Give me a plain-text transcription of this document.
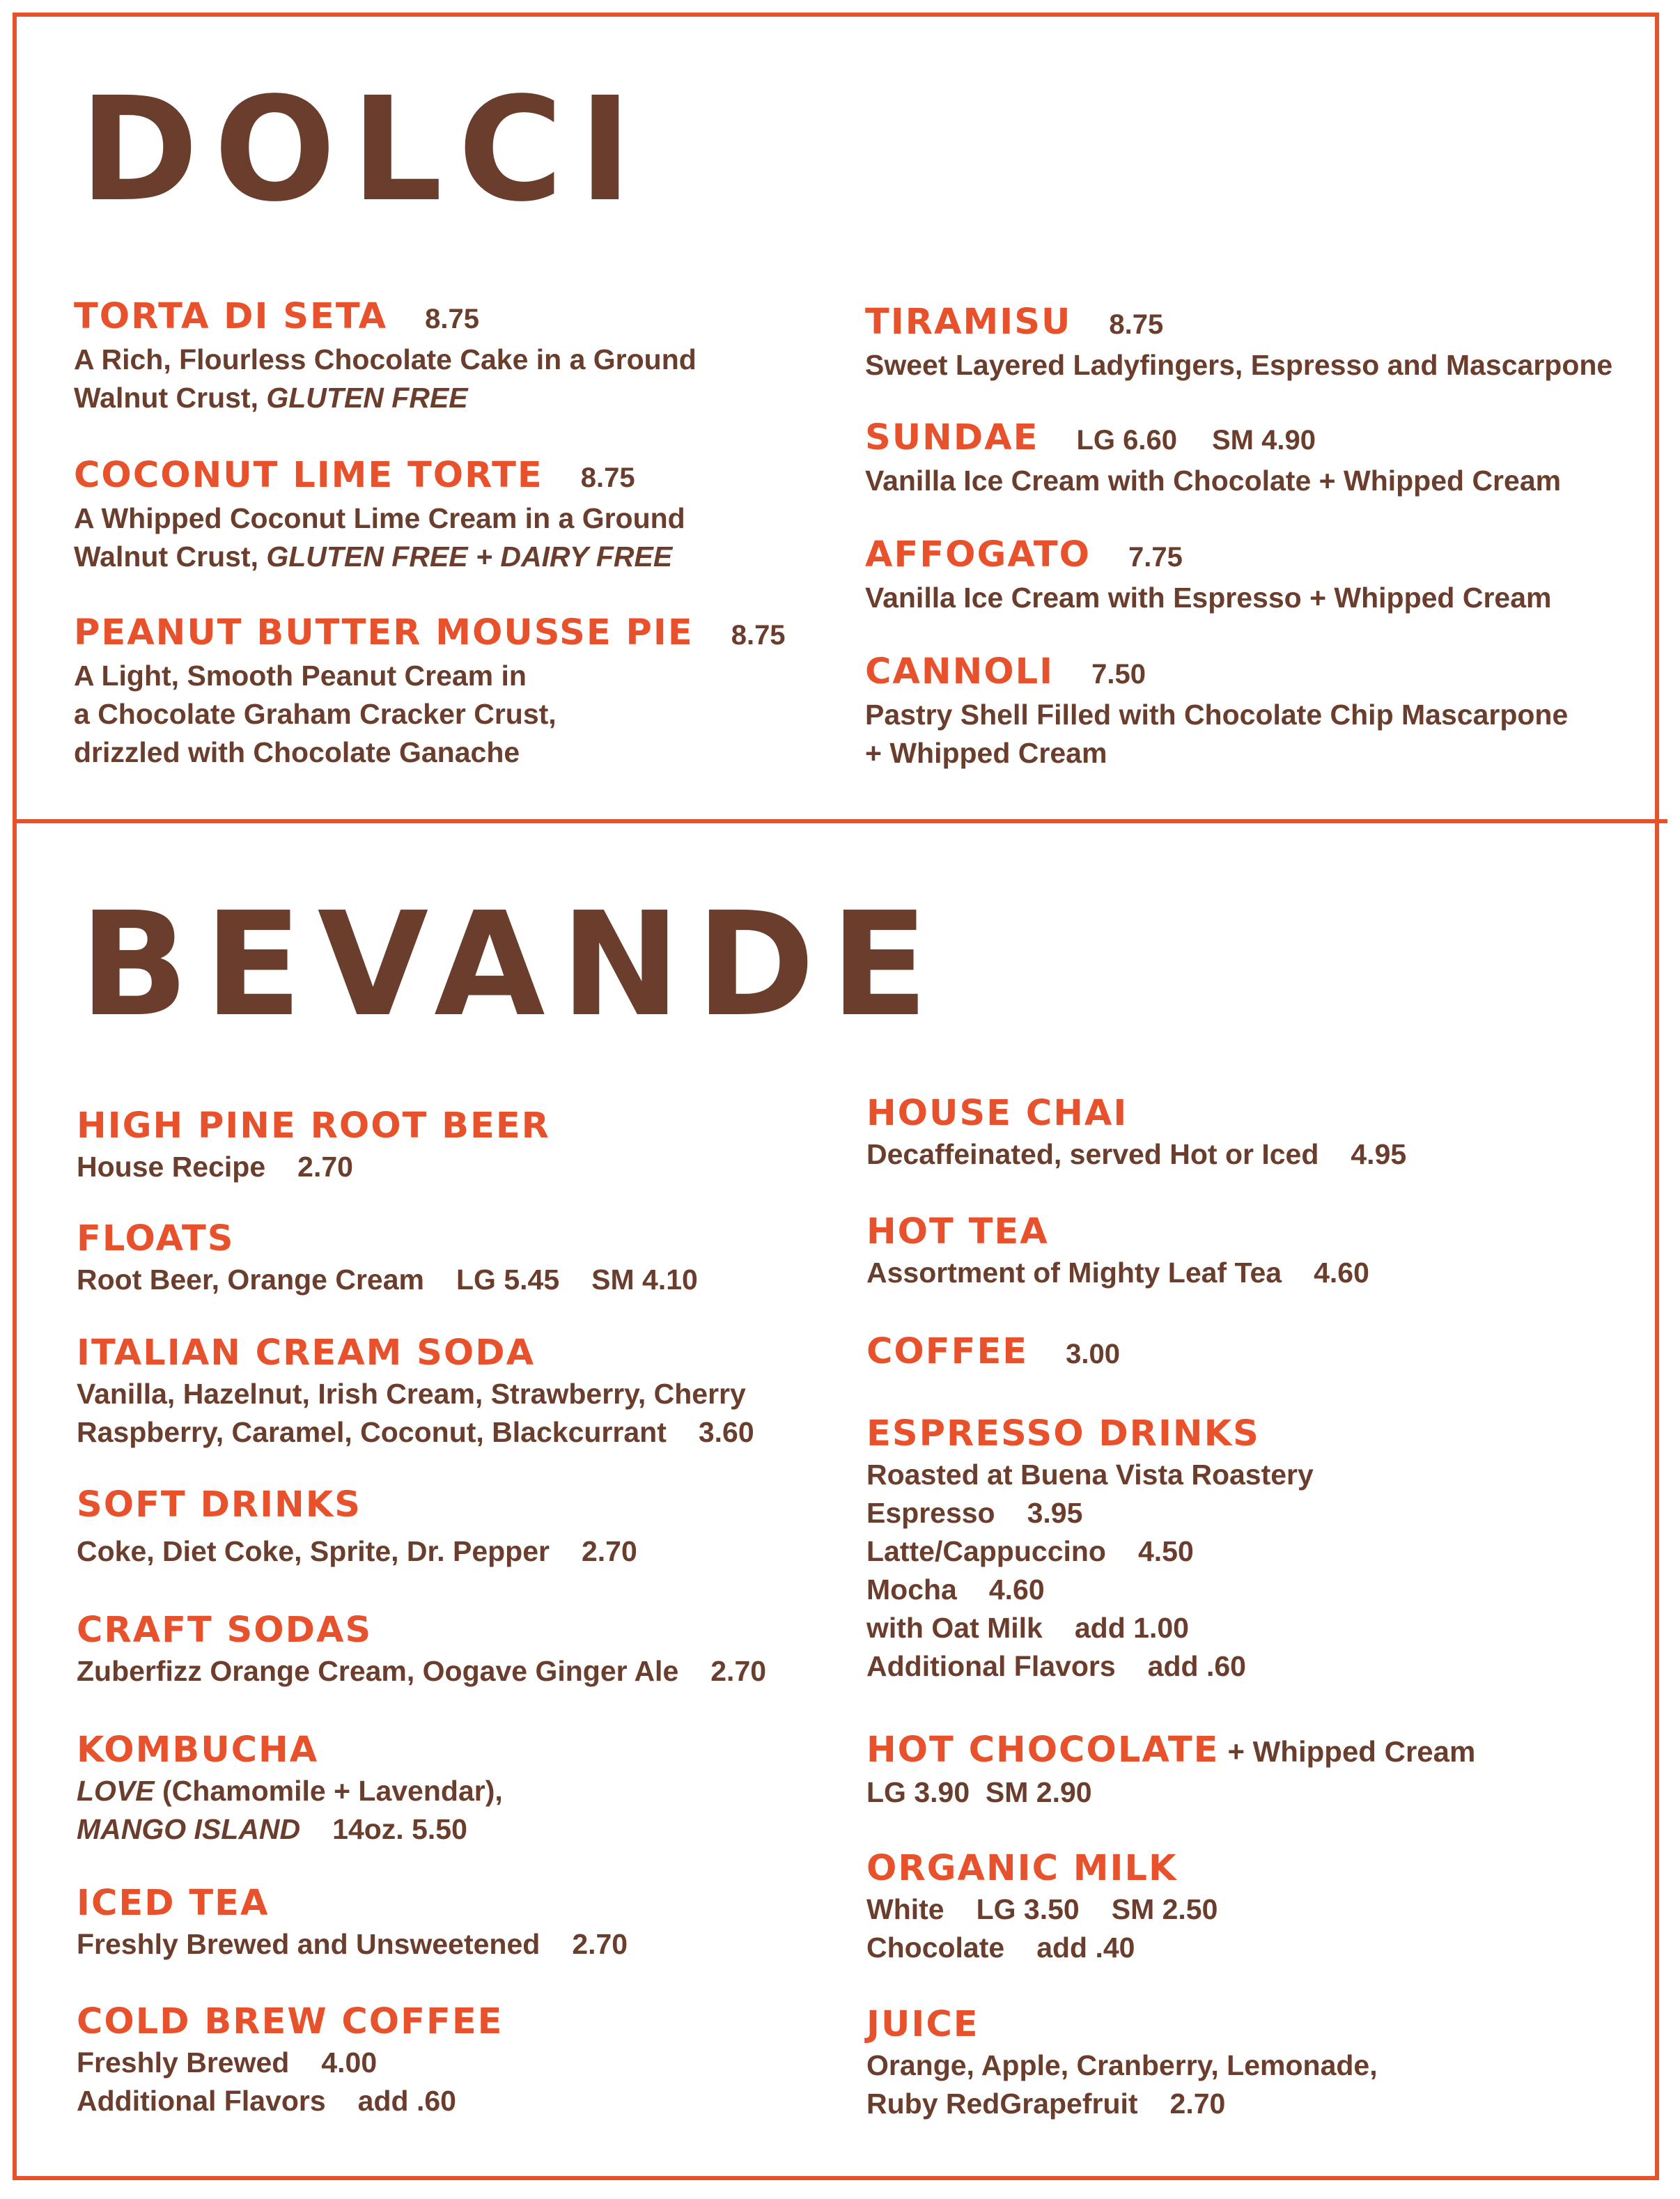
DOLCI
TORTA DI SETA 8.75
A Rich, Flourless Chocolate Cake in a Ground
Walnut Crust, GLUTEN FREE
COCONUT LIME TORTE 8.75
A Whipped Coconut Lime Cream in a Ground
Walnut Crust, GLUTEN FREE + DAIRY FREE
PEANUT BUTTER MOUSSE PIE 8.75
A Light, Smooth Peanut Cream in
a Chocolate Graham Cracker Crust,
drizzled with Chocolate Ganache
TIRAMISU 8.75
Sweet Layered Ladyfingers, Espresso and Mascarpone
SUNDAE LG 6.60 SM 4.90
Vanilla Ice Cream with Chocolate + Whipped Cream
AFFOGATO 7.75
Vanilla Ice Cream with Espresso + Whipped Cream
CANNOLI 7.50
Pastry Shell Filled with Chocolate Chip Mascarpone
+ Whipped Cream
BEVANDE
HIGH PINE ROOT BEER
House Recipe 2.70
FLOATS
Root Beer, Orange Cream LG 5.45 SM 4.10
ITALIAN CREAM SODA
Vanilla, Hazelnut, Irish Cream, Strawberry, Cherry
Raspberry, Caramel, Coconut, Blackcurrant 3.60
SOFT DRINKS
Coke, Diet Coke, Sprite, Dr. Pepper 2.70
CRAFT SODAS
Zuberfizz Orange Cream, Oogave Ginger Ale 2.70
KOMBUCHA
LOVE (Chamomile + Lavendar),
MANGO ISLAND 14oz. 5.50
ICED TEA
Freshly Brewed and Unsweetened 2.70
COLD BREW COFFEE
Freshly Brewed 4.00
Additional Flavors add .60
HOUSE CHAI
Decaffeinated, served Hot or Iced 4.95
HOT TEA
Assortment of Mighty Leaf Tea 4.60
COFFEE 3.00
ESPRESSO DRINKS
Roasted at Buena Vista Roastery
Espresso 3.95
Latte/Cappuccino 4.50
Mocha 4.60
with Oat Milk add 1.00
Additional Flavors add .60
HOT CHOCOLATE + Whipped Cream
LG 3.90  SM 2.90
ORGANIC MILK
White LG 3.50 SM 2.50
Chocolate add .40
JUICE
Orange, Apple, Cranberry, Lemonade,
Ruby RedGrapefruit 2.70
